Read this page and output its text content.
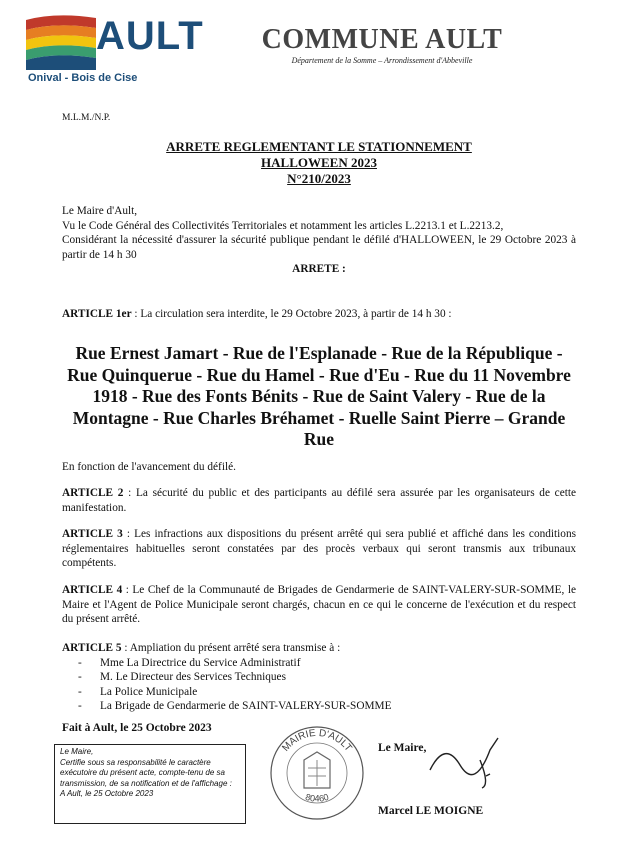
AULT
Onival - Bois de Cise
COMMUNE AULT
Département de la Somme – Arrondissement d'Abbeville
M.L.M./N.P.
ARRETE REGLEMENTANT LE STATIONNEMENT
HALLOWEEN 2023
N°210/2023
Le Maire d'Ault,
Vu le Code Général des Collectivités Territoriales et notamment les articles L.2213.1 et L.2213.2,
Considérant la nécessité d'assurer la sécurité publique pendant le défilé d'HALLOWEEN, le 29 Octobre 2023 à partir de 14 h 30
ARRETE :
ARTICLE 1er : La circulation sera interdite, le 29 Octobre 2023, à partir de 14 h 30 :
Rue Ernest Jamart - Rue de l'Esplanade - Rue de la République - Rue Quinquerue - Rue du Hamel - Rue d'Eu - Rue du 11 Novembre 1918 - Rue des Fonts Bénits - Rue de Saint Valery - Rue de la Montagne - Rue Charles Bréhamet - Ruelle Saint Pierre – Grande Rue
En fonction de l'avancement du défilé.
ARTICLE 2 : La sécurité du public et des participants au défilé sera assurée par les organisateurs de cette manifestation.
ARTICLE 3 : Les infractions aux dispositions du présent arrêté qui sera publié et affiché dans les conditions réglementaires habituelles seront constatées par des procès verbaux qui seront transmis aux tribunaux compétents.
ARTICLE 4 : Le Chef de la Communauté de Brigades de Gendarmerie de SAINT-VALERY-SUR-SOMME, le Maire et l'Agent de Police Municipale seront chargés, chacun en ce qui le concerne de l'exécution et du respect du présent arrêté.
ARTICLE 5 : Ampliation du présent arrêté sera transmise à :
- Mme La Directrice du Service Administratif
- M. Le Directeur des Services Techniques
- La Police Municipale
- La Brigade de Gendarmerie de SAINT-VALERY-SUR-SOMME
Fait à Ault, le 25 Octobre 2023
Le Maire,
Certifie sous sa responsabilité le caractère exécutoire du présent acte, compte-tenu de sa transmission, de sa notification et de l'affichage :
A Ault, le 25 Octobre 2023
MAIRIE D'AULT
80460
Le Maire,
Marcel LE MOIGNE
